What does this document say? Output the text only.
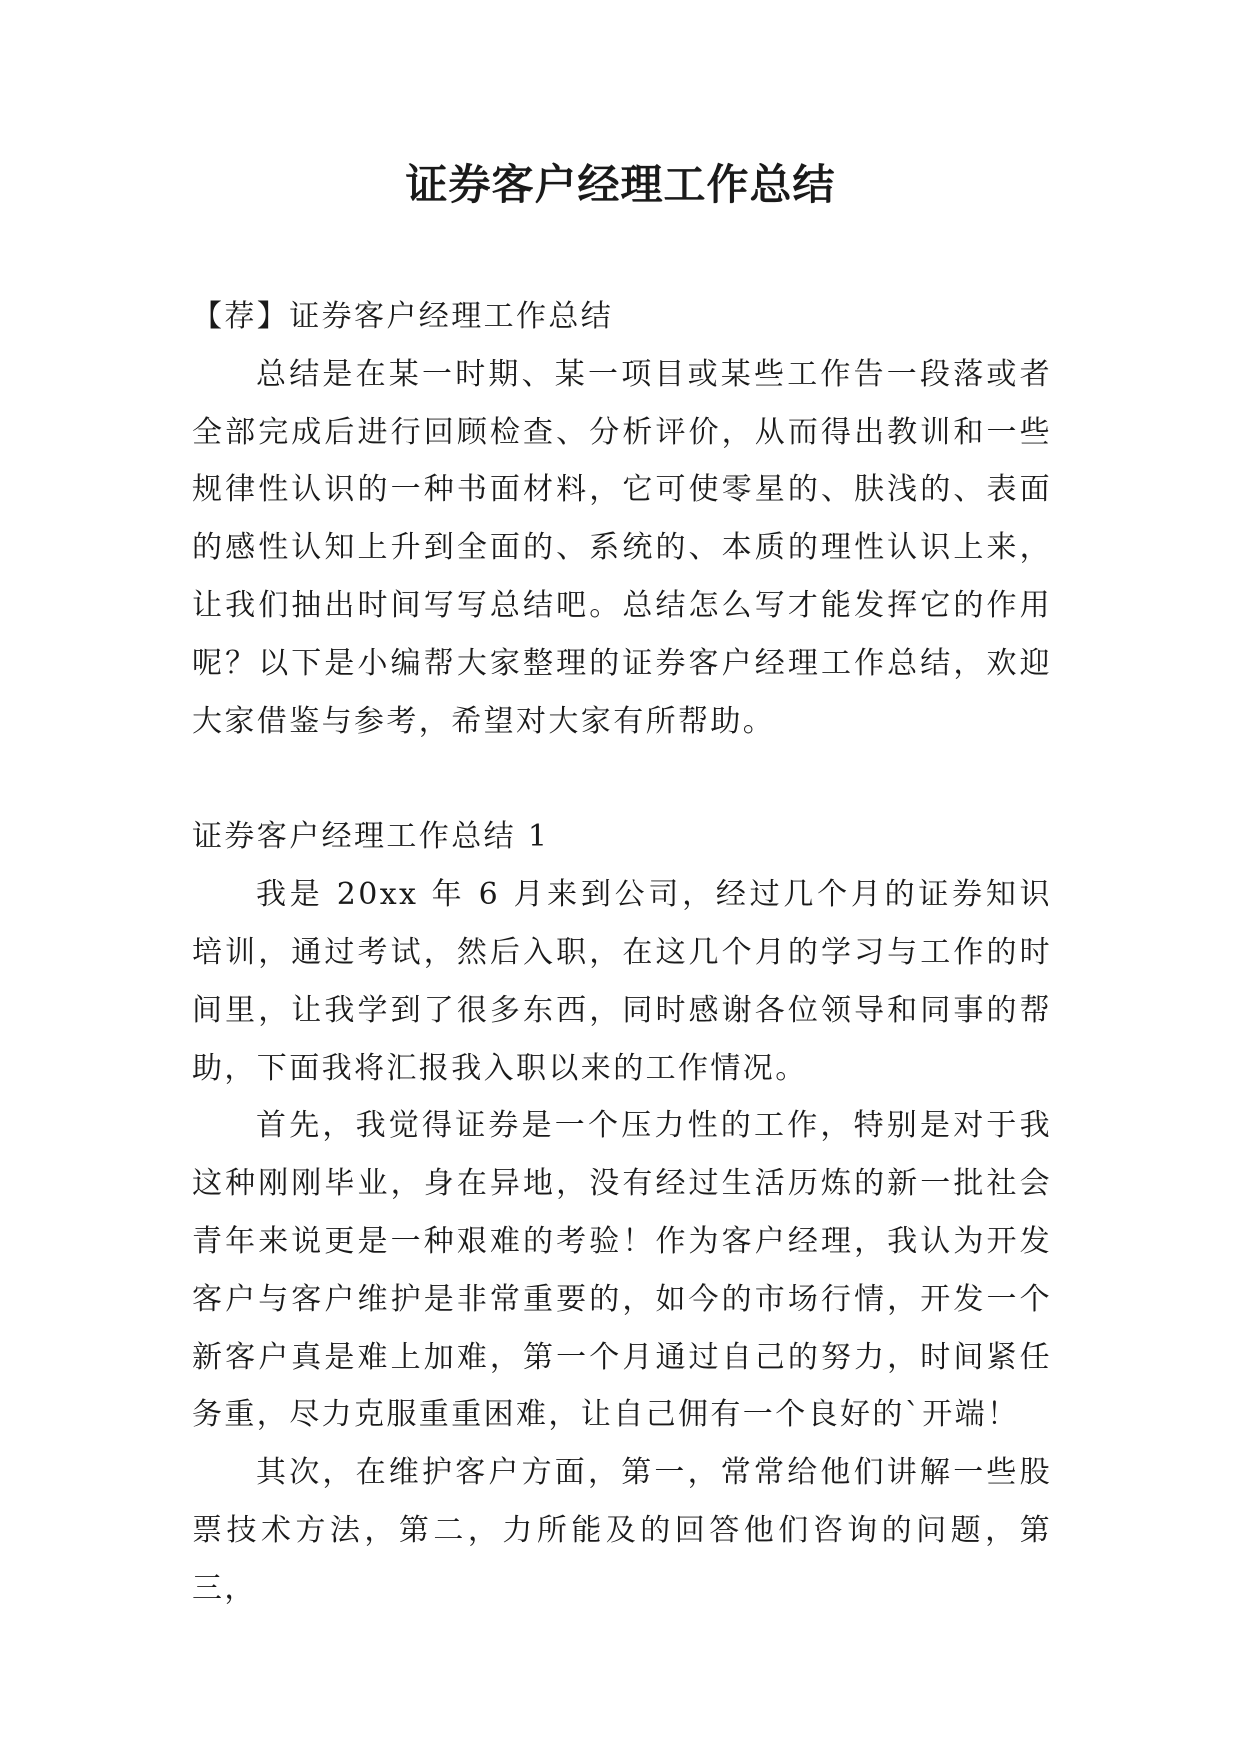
证券客户经理工作总结

【荐】证券客户经理工作总结

总结是在某一时期、某一项目或某些工作告一段落或者全部完成后进行回顾检查、分析评价，从而得出教训和一些规律性认识的一种书面材料，它可使零星的、肤浅的、表面的感性认知上升到全面的、系统的、本质的理性认识上来，让我们抽出时间写写总结吧。总结怎么写才能发挥它的作用呢？以下是小编帮大家整理的证券客户经理工作总结，欢迎大家借鉴与参考，希望对大家有所帮助。

证券客户经理工作总结 1

我是 20xx 年 6 月来到公司，经过几个月的证券知识培训，通过考试，然后入职，在这几个月的学习与工作的时间里，让我学到了很多东西，同时感谢各位领导和同事的帮助，下面我将汇报我入职以来的工作情况。

首先，我觉得证券是一个压力性的工作，特别是对于我这种刚刚毕业，身在异地，没有经过生活历炼的新一批社会青年来说更是一种艰难的考验！作为客户经理，我认为开发客户与客户维护是非常重要的，如今的市场行情，开发一个新客户真是难上加难，第一个月通过自己的努力，时间紧任务重，尽力克服重重困难，让自己佣有一个良好的`开端！

其次，在维护客户方面，第一，常常给他们讲解一些股票技术方法，第二，力所能及的回答他们咨询的问题，第三，
